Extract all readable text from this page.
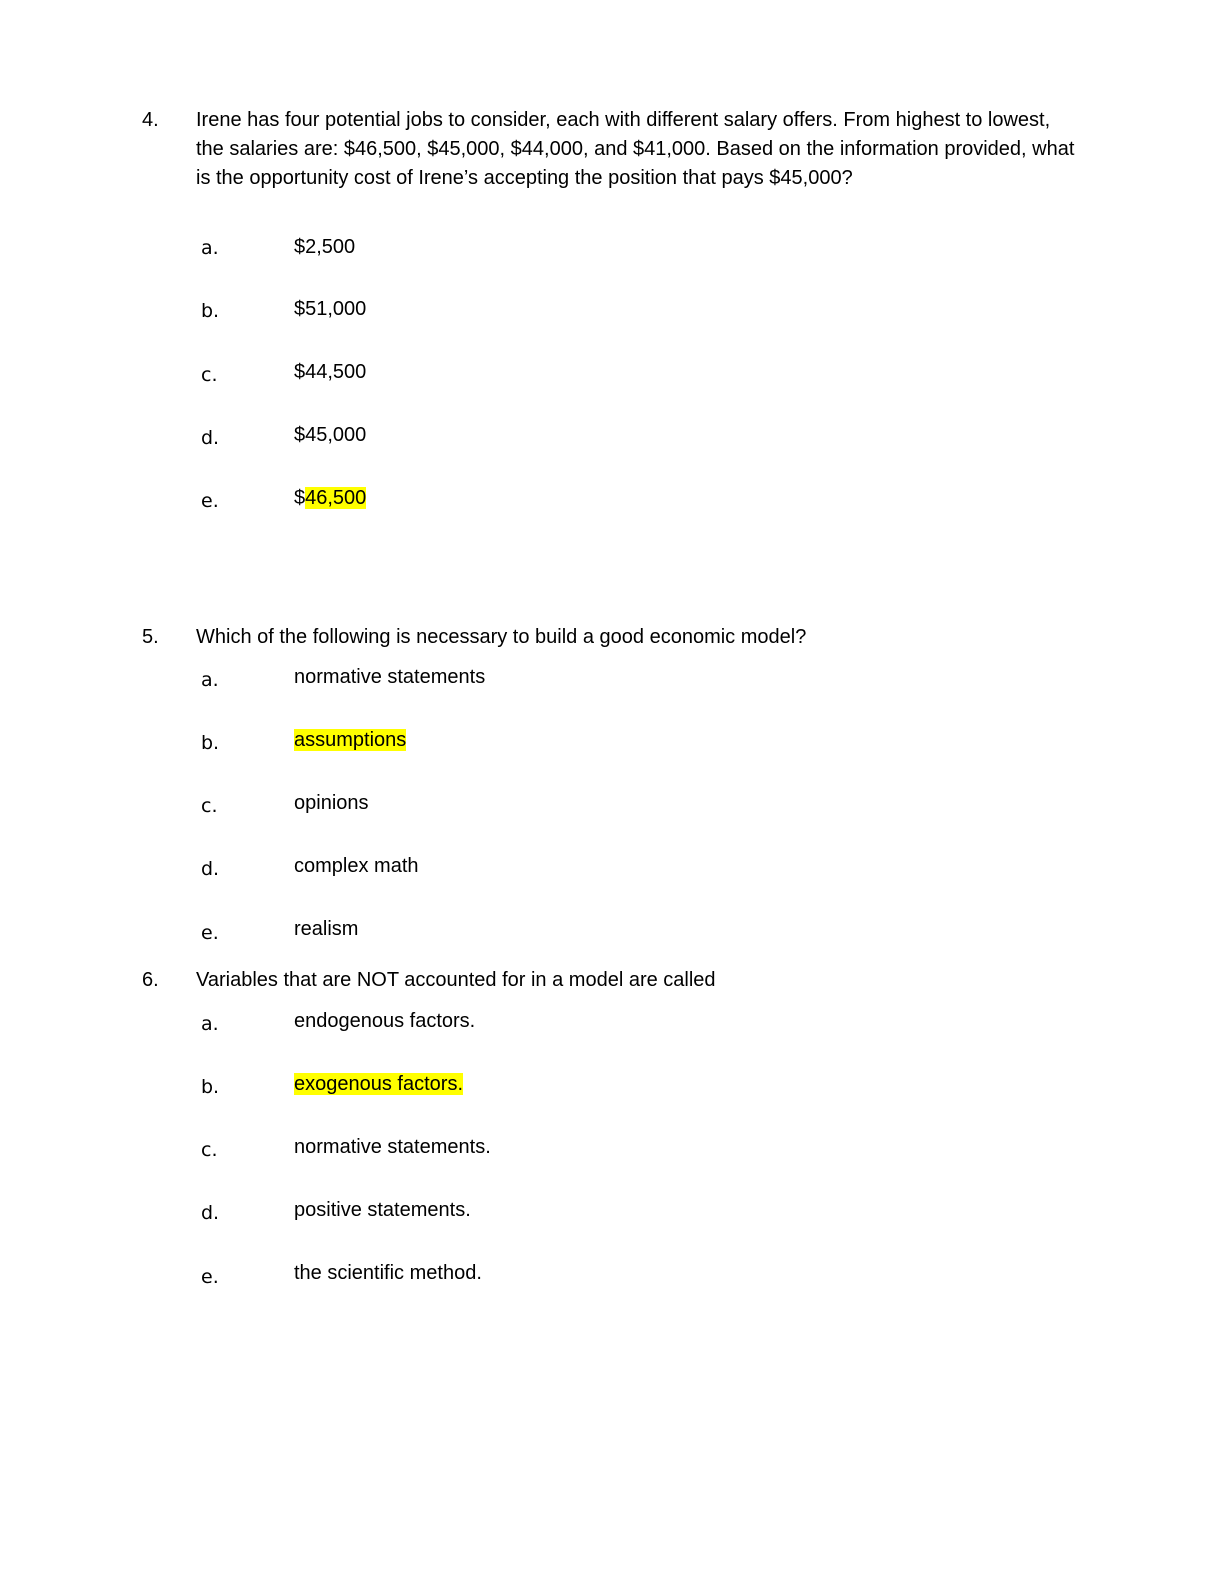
4. Irene has four potential jobs to consider, each with different salary offers. From highest to lowest, the salaries are: $46,500, $45,000, $44,000, and $41,000. Based on the information provided, what is the opportunity cost of Irene’s accepting the position that pays $45,000?
a.	$2,500
b.	$51,000
c.	$44,500
d.	$45,000
e.	$46,500
5. Which of the following is necessary to build a good economic model?
a.	normative statements
b.	assumptions
c.	opinions
d.	complex math
e.	realism
6. Variables that are NOT accounted for in a model are called
a.	endogenous factors.
b.	exogenous factors.
c.	normative statements.
d.	positive statements.
e.	the scientific method.
